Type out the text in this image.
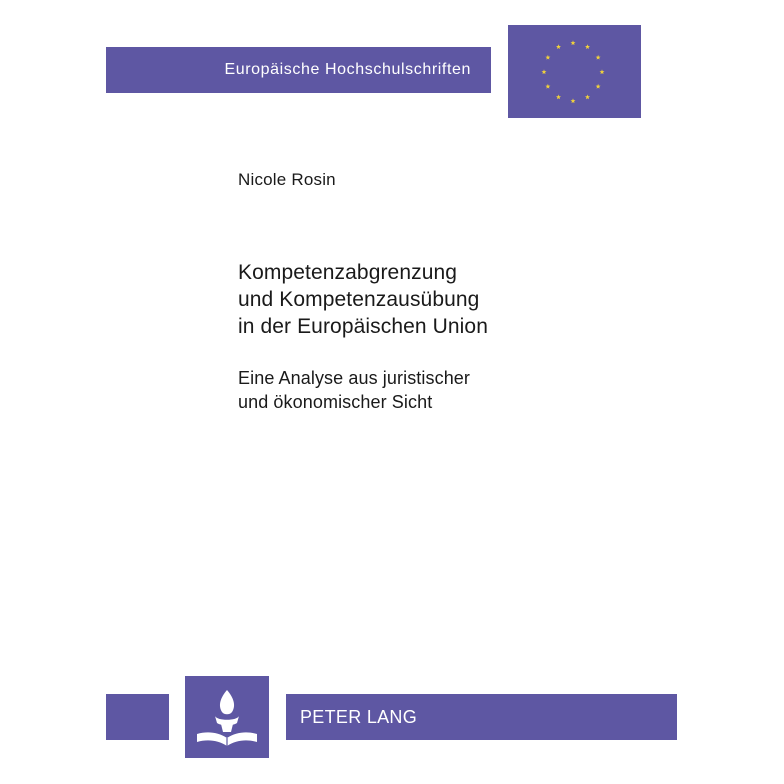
Europäische Hochschulschriften
Nicole Rosin
Kompetenzabgrenzung
und Kompetenzausübung
in der Europäischen Union
Eine Analyse aus juristischer
und ökonomischer Sicht
PETER LANG
